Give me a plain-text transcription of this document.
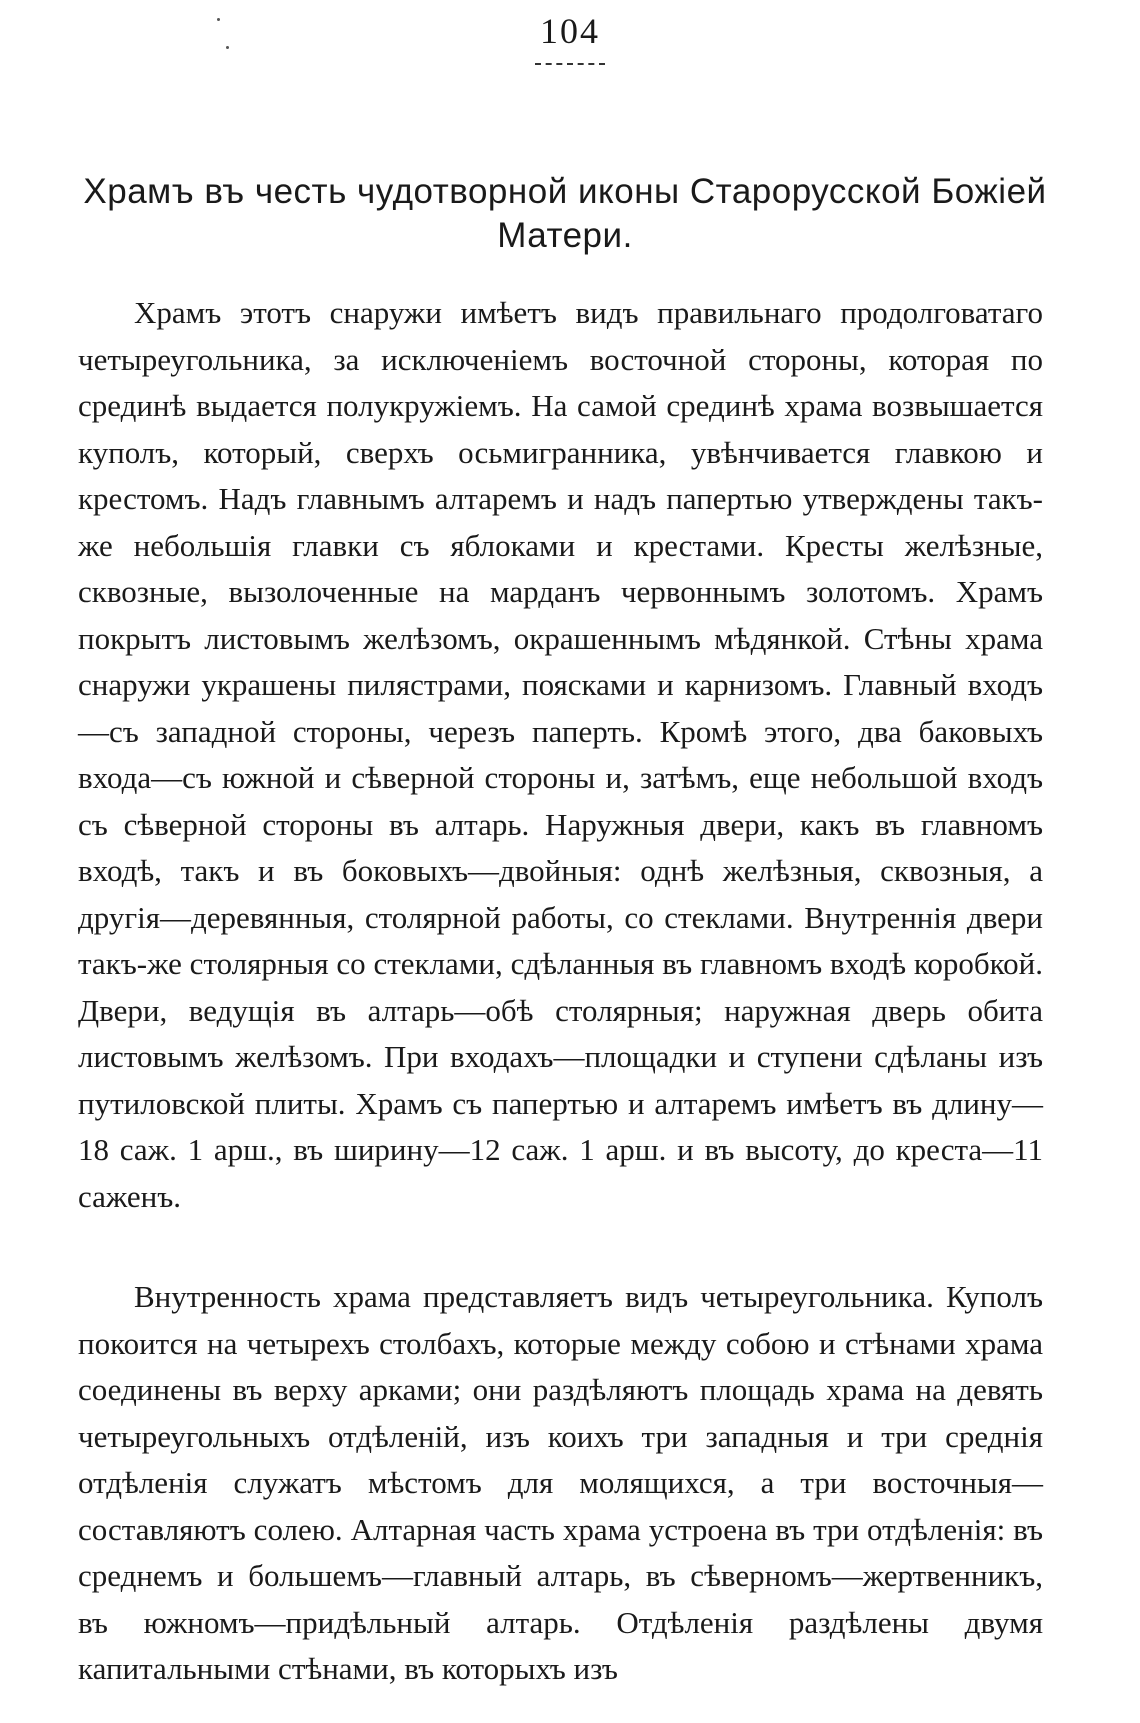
104
Храмъ въ честь чудотворной иконы Старорусской Божіей Матери.

Храмъ этотъ снаружи имѣетъ видъ правильнаго продолговатаго четыреугольника, за исключеніемъ восточной стороны, которая по срединѣ выдается полукружіемъ. На самой срединѣ храма возвышается куполъ, который, сверхъ осьмигранника, увѣнчивается главкою и крестомъ. Надъ главнымъ алтаремъ и надъ папертью утверждены такъ-же небольшія главки съ яблоками и крестами. Кресты желѣзные, сквозные, вызолоченные на марданъ червоннымъ золотомъ. Храмъ покрытъ листовымъ желѣзомъ, окрашеннымъ мѣдянкой. Стѣны храма снаружи украшены пилястрами, поясками и карнизомъ. Главный входъ—съ западной стороны, черезъ паперть. Кромѣ этого, два баковыхъ входа—съ южной и сѣверной стороны и, затѣмъ, еще небольшой входъ съ сѣверной стороны въ алтарь. Наружныя двери, какъ въ главномъ входѣ, такъ и въ боковыхъ—двойныя: однѣ желѣзныя, сквозныя, а другія—деревянныя, столярной работы, со стеклами. Внутреннія двери такъ-же столярныя со стеклами, сдѣланныя въ главномъ входѣ коробкой. Двери, ведущія въ алтарь—обѣ столярныя; наружная дверь обита листовымъ желѣзомъ. При входахъ—площадки и ступени сдѣланы изъ путиловской плиты. Храмъ съ папертью и алтаремъ имѣетъ въ длину—18 саж. 1 арш., въ ширину—12 саж. 1 арш. и въ высоту, до креста—11 саженъ.

Внутренность храма представляетъ видъ четыреугольника. Куполъ покоится на четырехъ столбахъ, которые между собою и стѣнами храма соединены въ верху арками; они раздѣляютъ площадь храма на девять четыреугольныхъ отдѣленій, изъ коихъ три западныя и три среднія отдѣленія служатъ мѣстомъ для молящихся, а три восточныя—составляютъ солею. Алтарная часть храма устроена въ три отдѣленія: въ среднемъ и большемъ—главный алтарь, въ сѣверномъ—жертвенникъ, въ южномъ—придѣльный алтарь. Отдѣленія раздѣлены двумя капитальными стѣнами, въ которыхъ изъ
